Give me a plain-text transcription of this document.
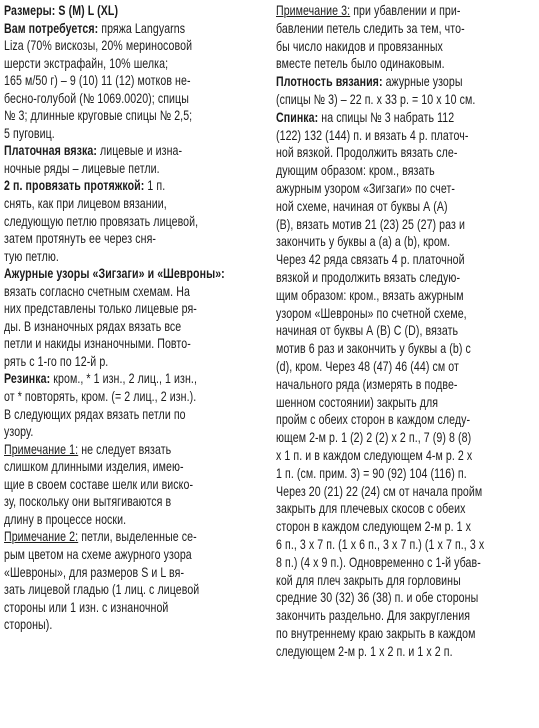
Размеры: S (M) L (XL)
Вам потребуется: пряжа Langyarns
Liza (70% вискозы, 20% мериносовой
шерсти экстрафайн, 10% шелка;
165 м/50 г) – 9 (10) 11 (12) мотков не-
бесно-голубой (№ 1069.0020); спицы
№ 3; длинные круговые спицы № 2,5;
5 пуговиц.
Платочная вязка: лицевые и изна-
ночные ряды – лицевые петли.
2 п. провязать протяжкой: 1 п.
снять, как при лицевом вязании,
следующую петлю провязать лицевой,
затем протянуть ее через сня-
тую петлю.
Ажурные узоры «Зигзаги» и «Шевроны»:
вязать согласно счетным схемам. На
них представлены только лицевые ря-
ды. В изнаночных рядах вязать все
петли и накиды изнаночными. Повто-
рять с 1-го по 12-й р.
Резинка: кром., * 1 изн., 2 лиц., 1 изн.,
от * повторять, кром. (= 2 лиц., 2 изн.).
В следующих рядах вязать петли по
узору.
Примечание 1: не следует вязать
слишком длинными изделия, имею-
щие в своем составе шелк или виско-
зу, поскольку они вытягиваются в
длину в процессе носки.
Примечание 2: петли, выделенные се-
рым цветом на схеме ажурного узора
«Шевроны», для размеров S и L вя-
зать лицевой гладью (1 лиц. с лицевой
стороны или 1 изн. с изнаночной
стороны).
Примечание 3: при убавлении и при-
бавлении петель следить за тем, что-
бы число накидов и провязанных
вместе петель было одинаковым.
Плотность вязания: ажурные узоры
(спицы № 3) – 22 п. х 33 р. = 10 х 10 см.
Спинка: на спицы № 3 набрать 112
(122) 132 (144) п. и вязать 4 р. платоч-
ной вязкой. Продолжить вязать сле-
дующим образом: кром., вязать
ажурным узором «Зигзаги» по счет-
ной схеме, начиная от буквы А (А)
(В), вязать мотив 21 (23) 25 (27) раз и
закончить у буквы а (а) а (b), кром.
Через 42 ряда связать 4 р. платочной
вязкой и продолжить вязать следую-
щим образом: кром., вязать ажурным
узором «Шевроны» по счетной схеме,
начиная от буквы А (В) С (D), вязать
мотив 6 раз и закончить у буквы а (b) с
(d), кром. Через 48 (47) 46 (44) см от
начального ряда (измерять в подве-
шенном состоянии) закрыть для
пройм с обеих сторон в каждом следу-
ющем 2-м р. 1 (2) 2 (2) х 2 п., 7 (9) 8 (8)
х 1 п. и в каждом следующем 4-м р. 2 х
1 п. (см. прим. 3) = 90 (92) 104 (116) п.
Через 20 (21) 22 (24) см от начала пройм
закрыть для плечевых скосов с обеих
сторон в каждом следующем 2-м р. 1 х
6 п., 3 х 7 п. (1 х 6 п., 3 х 7 п.) (1 х 7 п., 3 х
8 п.) (4 х 9 п.). Одновременно с 1-й убав-
кой для плеч закрыть для горловины
средние 30 (32) 36 (38) п. и обе стороны
закончить раздельно. Для закругления
по внутреннему краю закрыть в каждом
следующем 2-м р. 1 х 2 п. и 1 х 2 п.
